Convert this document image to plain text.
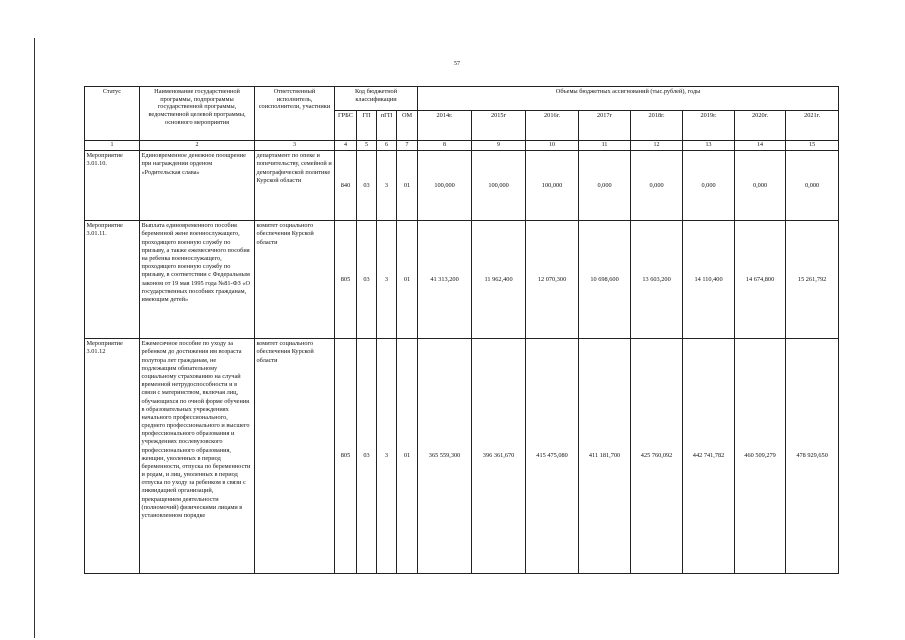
57
Статус	Наименование государственной программы, подпрограммы государственной программы, ведомственной целевой программы, основного мероприятия	Ответственный исполнитель, соисполнители, участники	Код бюджетной классификации				Объемы бюджетных ассигнований (тыс.рублей), годы							
			ГРБС	ГП	пГП	ОМ	2014г.	2015г	2016г.	2017г	2018г.	2019г.	2020г.	2021г.
1	2	3	4	5	6	7	8	9	10	11	12	13	14	15
Мероприятие 3.01.10.	Единовременное денежное поощрение при награждении орденом «Родительская слава»	департамент по опеке и попечительству, семейной и демографической политике Курской области	840	03	3	01	100,000	100,000	100,000	0,000	0,000	0,000	0,000	0,000
Мероприятие 3.01.11.	Выплата единовременного пособия беременной жене военнослужащего, проходящего военную службу по призыву, а также ежемесячного пособия на ребенка военнослужащего, проходящего военную службу по призыву, в соответствии с Федеральным законом от 19 мая 1995 года №81-ФЗ «О государственных пособиях гражданам, имеющим детей»	комитет социального обеспечения Курской области	805	03	3	01	41 313,200	11 962,400	12 070,300	10 698,600	13 603,200	14 110,400	14 674,800	15 261,792
Мероприятие 3.01.12	Ежемесячное пособие по уходу за ребенком до достижения им возраста полутора лет гражданам, не подлежащим обязательному социальному страхованию на случай временной нетрудоспособности и в связи с материнством, включая лиц, обучающихся по очной форме обучения в образовательных учреждениях начального профессионального, среднего профессионального и высшего профессионального образования и учреждениях послевузовского профессионального образования, женщин, уволенных в период беременности, отпуска по беременности и родам, и лиц, уволенных в период отпуска по уходу за ребенком в связи с ликвидацией организаций, прекращением деятельности (полномочий) физическими лицами в установленном порядке	комитет социального обеспечения Курской области	805	03	3	01	365 559,300	396 361,670	415 475,080	411 181,700	425 760,092	442 741,782	460 509,279	478 929,650
